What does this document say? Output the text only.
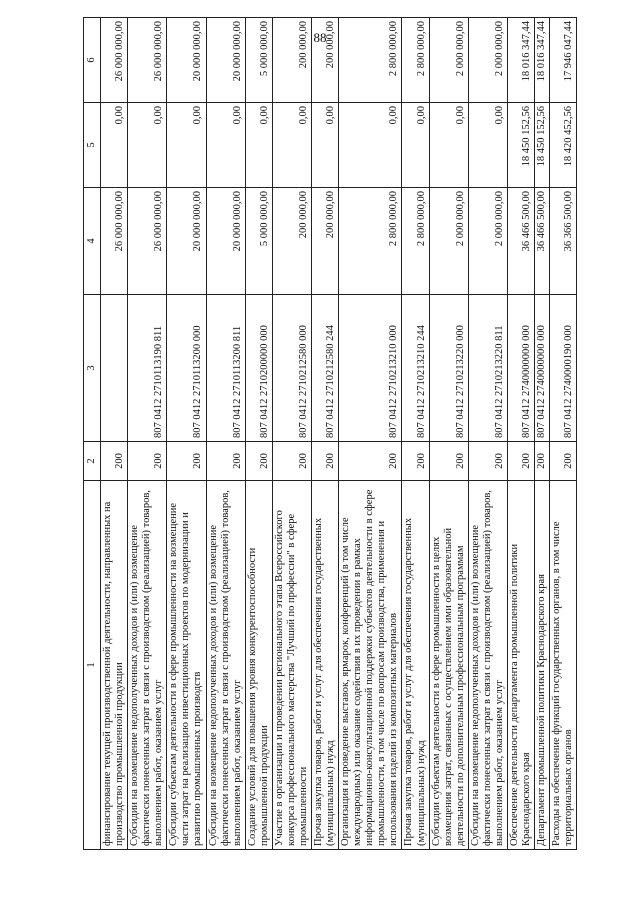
88
1	2	3	4	5	6
финансирование текущей производственной деятельности, направленных на производство промышленной продукции	200		26 000 000,00	0,00	26 000 000,00
Субсидии на возмещение недополученных доходов и (или) возмещение фактически понесенных затрат в связи с производством (реализацией) товаров, выполнением работ, оказанием услуг	200	807 0412 2710113190 811	26 000 000,00	0,00	26 000 000,00
Субсидии субъектам деятельности в сфере промышленности на возмещение части затрат на реализацию инвестиционных проектов по модернизации и развитию промышленных производств	200	807 0412 2710113200 000	20 000 000,00	0,00	20 000 000,00
Субсидии на возмещение недополученных доходов и (или) возмещение фактически понесенных затрат в связи с производством (реализацией) товаров, выполнением работ, оказанием услуг	200	807 0412 2710113200 811	20 000 000,00	0,00	20 000 000,00
Создание условий для повышения уровня конкурентоспособности промышленной продукции	200	807 0412 2710200000 000	5 000 000,00	0,00	5 000 000,00
Участие в организации и проведении регионального этапа Всероссийского конкурса профессионального мастерства "Лучший по профессии" в сфере промышленности	200	807 0412 2710212580 000	200 000,00	0,00	200 000,00
Прочая закупка товаров, работ и услуг для обеспечения государственных (муниципальных) нужд	200	807 0412 2710212580 244	200 000,00	0,00	200 000,00
Организация и проведение выставок, ярмарок, конференций (в том числе международных) или оказание содействия в их проведении в рамках информационно-консультационной поддержки субъектов деятельности в сфере промышленности, в том числе по вопросам производства, применения и использования изделий из композитных материалов	200	807 0412 2710213210 000	2 800 000,00	0,00	2 800 000,00
Прочая закупка товаров, работ и услуг для обеспечения государственных (муниципальных) нужд	200	807 0412 2710213210 244	2 800 000,00	0,00	2 800 000,00
Субсидии субъектам деятельности в сфере промышленности в целях возмещения затрат, связанных с осуществлением ими образовательной деятельности по дополнительным профессиональным программам	200	807 0412 2710213220 000	2 000 000,00	0,00	2 000 000,00
Субсидии на возмещение недополученных доходов и (или) возмещение фактически понесенных затрат в связи с производством (реализацией) товаров, выполнением работ, оказанием услуг	200	807 0412 2710213220 811	2 000 000,00	0,00	2 000 000,00
Обеспечение деятельности департамента промышленной политики Краснодарского края	200	807 0412 2740000000 000	36 466 500,00	18 450 152,56	18 016 347,44
Департамент промышленной политики Краснодарского края	200	807 0412 2740000000 000	36 466 500,00	18 450 152,56	18 016 347,44
Расходы на обеспечение функций государственных органов, в том числе территориальных органов	200	807 0412 2740000190 000	36 366 500,00	18 420 452,56	17 946 047,44
